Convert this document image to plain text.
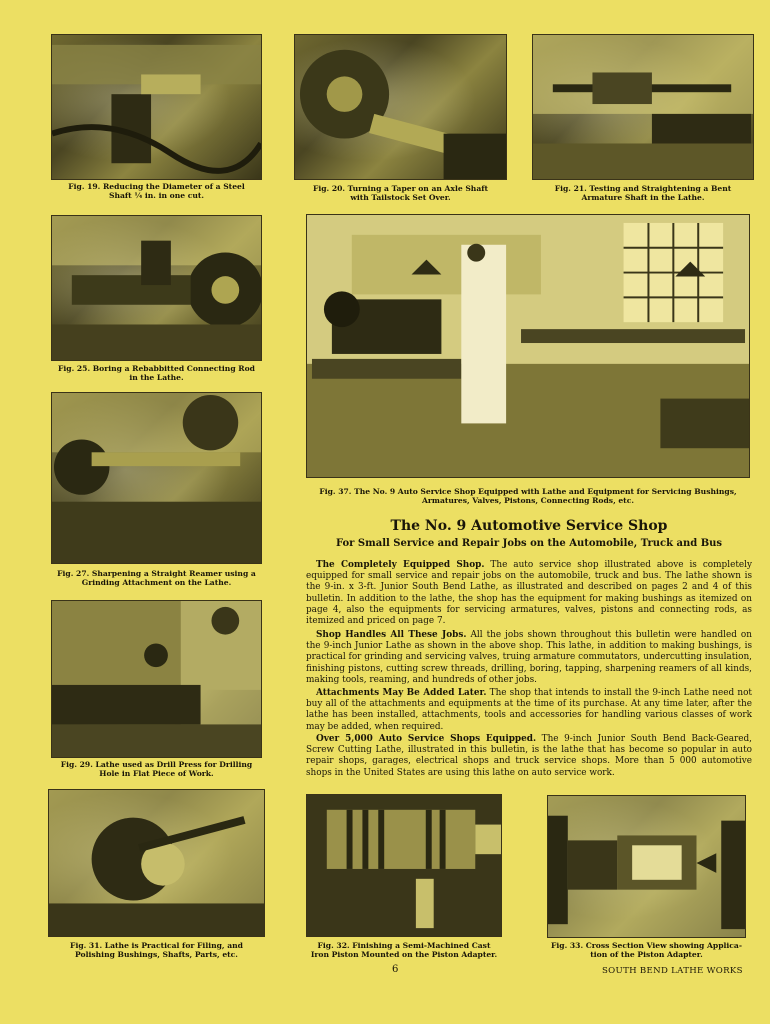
Fig. 19. Reducing the Diameter of a Steel
Shaft ¼ in. in one cut.
Fig. 20. Turning a Taper on an Axle Shaft
with Tailstock Set Over.
Fig. 21. Testing and Straightening a Bent
Armature Shaft in the Lathe.
Fig. 25. Boring a Rebabbitted Connecting Rod
in the Lathe.
Fig. 27. Sharpening a Straight Reamer using a
Grinding Attachment on the Lathe.
Fig. 29. Lathe used as Drill Press for Drilling
Hole in Flat Piece of Work.
Fig. 31. Lathe is Practical for Filing, and
Polishing Bushings, Shafts, Parts, etc.
Fig. 37. The No. 9 Auto Service Shop Equipped with Lathe and Equipment for Servicing Bushings,
Armatures, Valves, Pistons, Connecting Rods, etc.
The No. 9 Automotive Service Shop
For Small Service and Repair Jobs on the Automobile, Truck and Bus

The Completely Equipped Shop. The auto service shop illustrated above is completely equipped for small service and repair jobs on the automobile, truck and bus. The lathe shown is the 9-in. x 3-ft. Junior South Bend Lathe, as illustrated and described on pages 2 and 4 of this bulletin. In addition to the lathe, the shop has the equipment for making bushings as itemized on page 4, also the equipments for servicing armatures, valves, pistons and connecting rods, as itemized and priced on page 7.

Shop Handles All These Jobs. All the jobs shown throughout this bulletin were handled on the 9-inch Junior Lathe as shown in the above shop. This lathe, in addition to making bushings, is practical for grinding and servicing valves, truing armature commutators, undercutting insulation, finishing pistons, cutting screw threads, drilling, boring, tapping, sharpening reamers of all kinds, making tools, reaming, and hundreds of other jobs.

Attachments May Be Added Later. The shop that intends to install the 9-inch Lathe need not buy all of the attachments and equipments at the time of its purchase. At any time later, after the lathe has been installed, attachments, tools and accessories for handling various classes of work may be added, when required.

Over 5,000 Auto Service Shops Equipped. The 9-inch Junior South Bend Back-Geared, Screw Cutting Lathe, illustrated in this bulletin, is the lathe that has become so popular in auto repair shops, garages, electrical shops and truck service shops. More than 5 000 automotive shops in the United States are using this lathe on auto service work.

Fig. 32. Finishing a Semi-Machined Cast
Iron Piston Mounted on the Piston Adapter.
Fig. 33. Cross Section View showing Applica-
tion of the Piston Adapter.
6	SOUTH BEND LATHE WORKS
